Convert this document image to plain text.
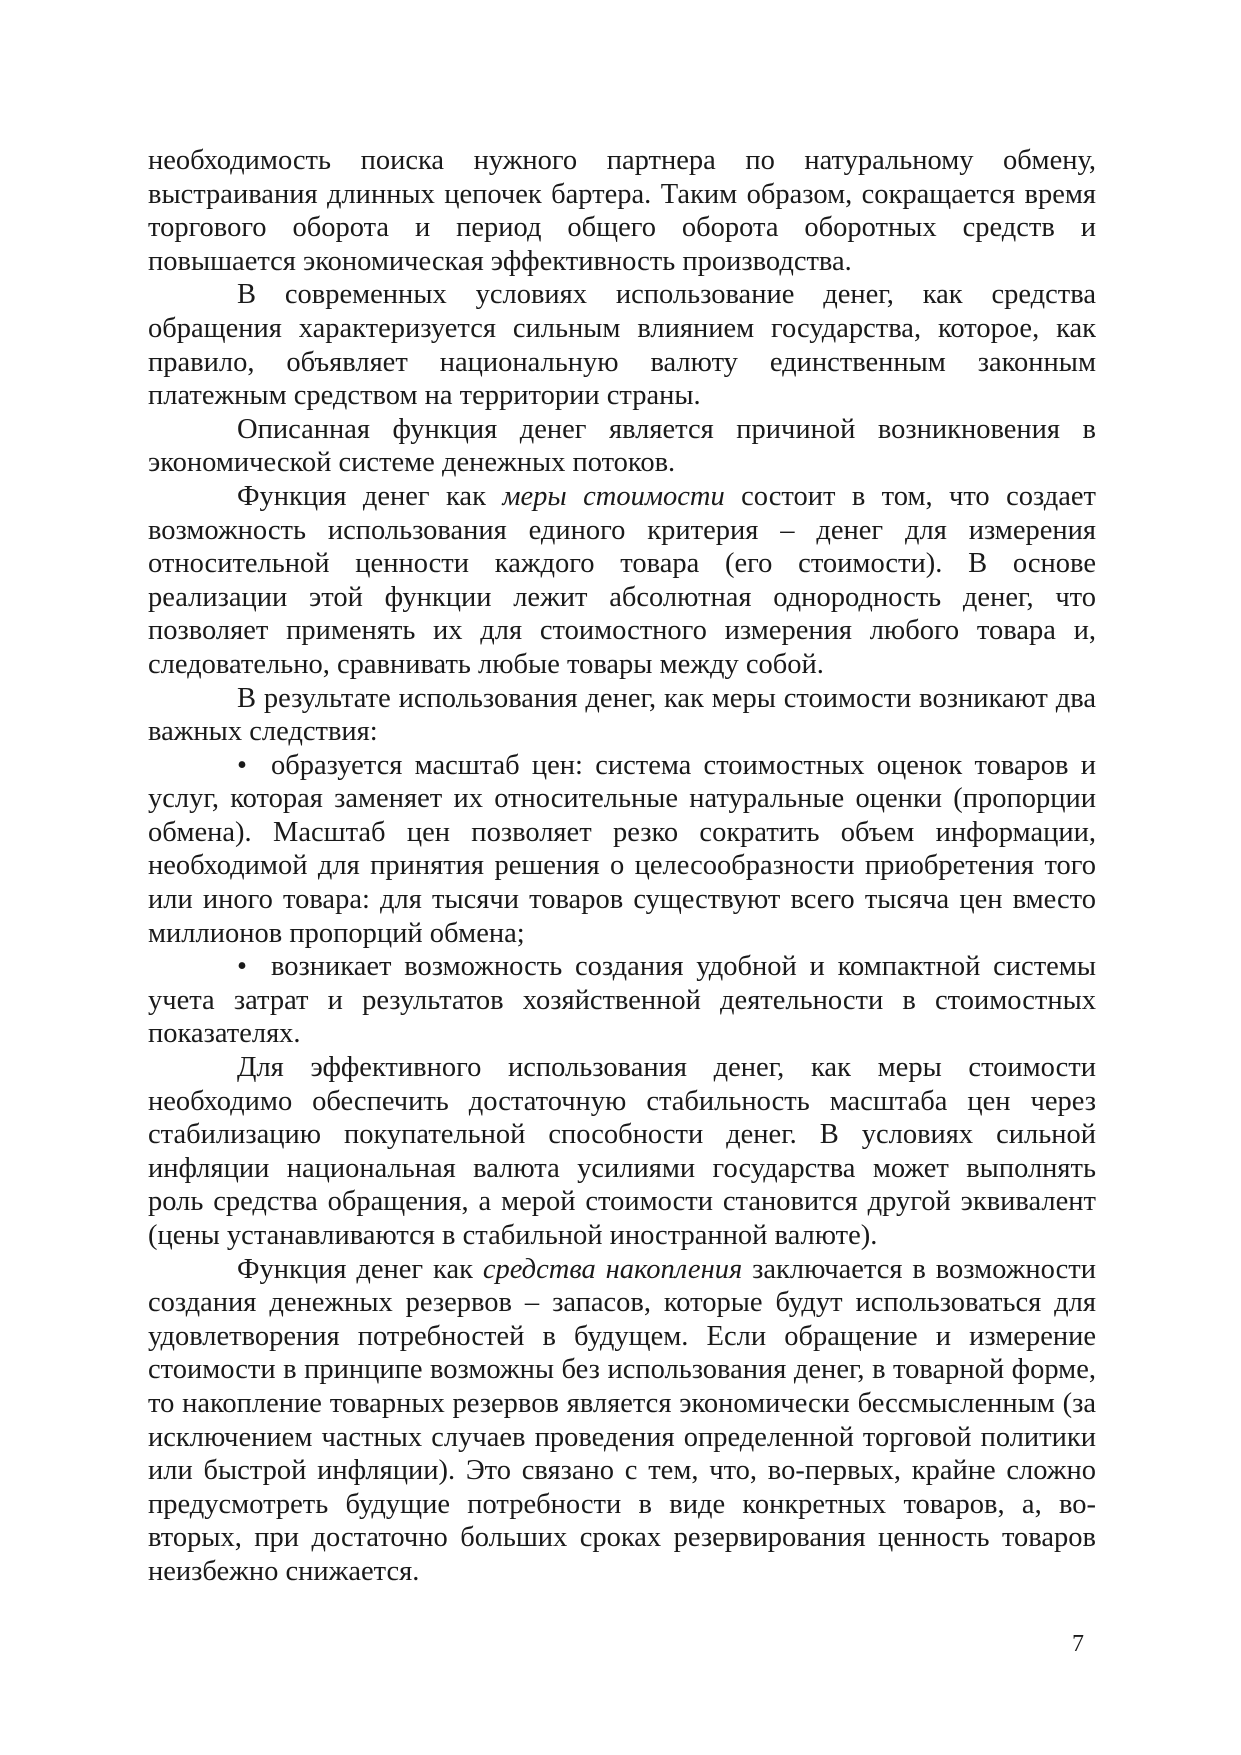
необходимость поиска нужного партнера по натуральному обмену, выстраивания длинных цепочек бартера. Таким образом, сокращается время торгового оборота и период общего оборота оборотных средств и повышается экономическая эффективность производства.

В современных условиях использование денег, как средства обращения характеризуется сильным влиянием государства, которое, как правило, объявляет национальную валюту единственным законным платежным средством на территории страны.

Описанная функция денег является причиной возникновения в экономической системе денежных потоков.

Функция денег как меры стоимости состоит в том, что создает возможность использования единого критерия – денег для измерения относительной ценности каждого товара (его стоимости). В основе реализации этой функции лежит абсолютная однородность денег, что позволяет применять их для стоимостного измерения любого товара и, следовательно, сравнивать любые товары между собой.

В результате использования денег, как меры стоимости возникают два важных следствия:

• образуется масштаб цен: система стоимостных оценок товаров и услуг, которая заменяет их относительные натуральные оценки (пропорции обмена). Масштаб цен позволяет резко сократить объем информации, необходимой для принятия решения о целесообразности приобретения того или иного товара: для тысячи товаров существуют всего тысяча цен вместо миллионов пропорций обмена;

• возникает возможность создания удобной и компактной системы учета затрат и результатов хозяйственной деятельности в стоимостных показателях.

Для эффективного использования денег, как меры стоимости необходимо обеспечить достаточную стабильность масштаба цен через стабилизацию покупательной способности денег. В условиях сильной инфляции национальная валюта усилиями государства может выполнять роль средства обращения, а мерой стоимости становится другой эквивалент (цены устанавливаются в стабильной иностранной валюте).

Функция денег как средства накопления заключается в возможности создания денежных резервов – запасов, которые будут использоваться для удовлетворения потребностей в будущем. Если обращение и измерение стоимости в принципе возможны без использования денег, в товарной форме, то накопление товарных резервов является экономически бессмысленным (за исключением частных случаев проведения определенной торговой политики или быстрой инфляции). Это связано с тем, что, во-первых, крайне сложно предусмотреть будущие потребности в виде конкретных товаров, а, во-вторых, при достаточно больших сроках резервирования ценность товаров неизбежно снижается.

7
